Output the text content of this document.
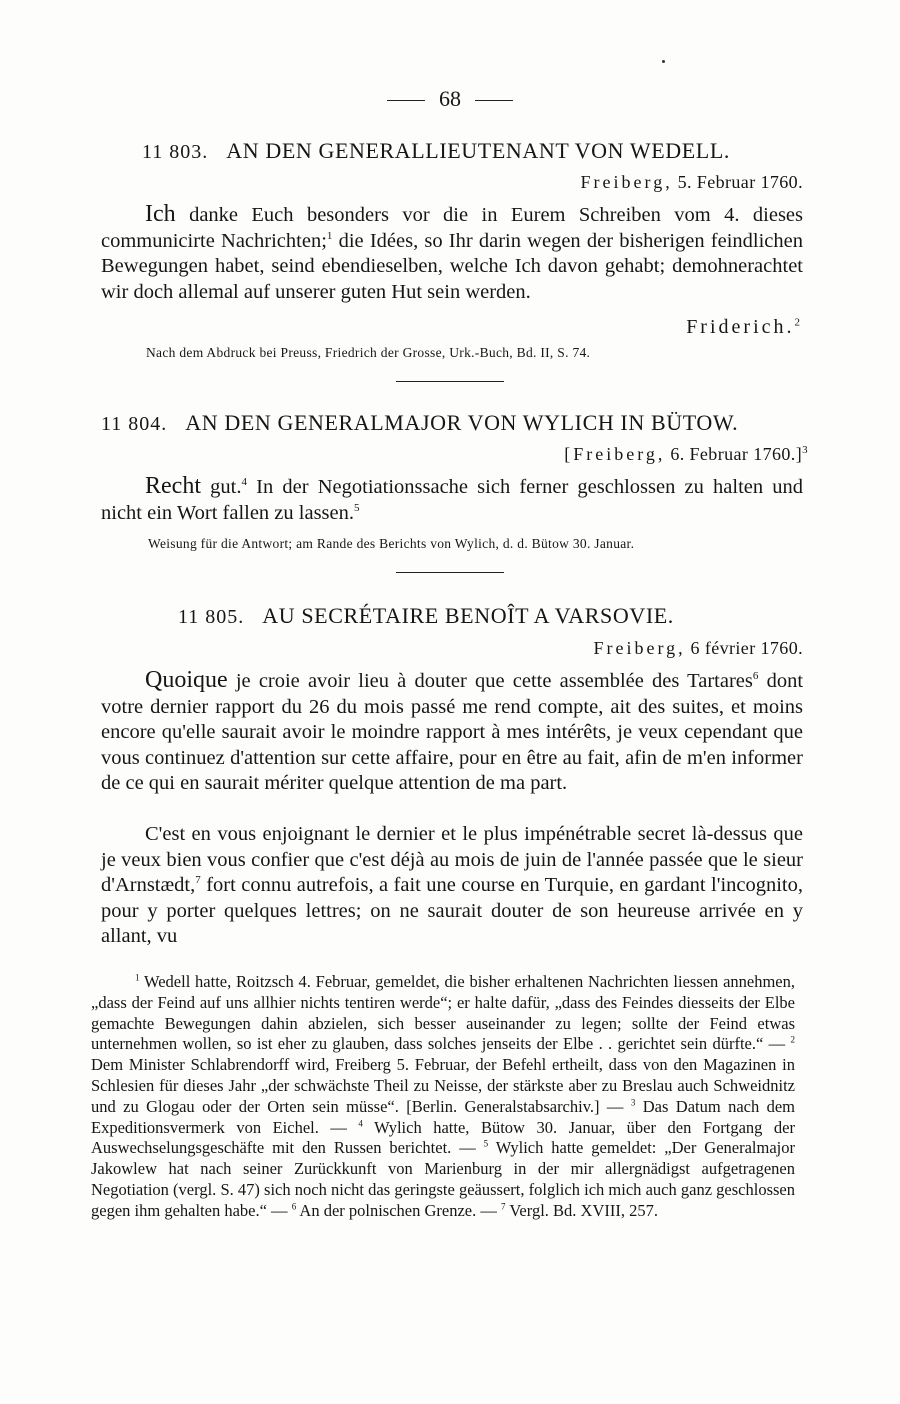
68
11 803. AN DEN GENERALLIEUTENANT VON WEDELL.
Freiberg, 5. Februar 1760.
Ich danke Euch besonders vor die in Eurem Schreiben vom 4. dieses communicirte Nachrichten;$^1$ die Idées, so Ihr darin wegen der bisherigen feindlichen Bewegungen habet, seind ebendieselben, welche Ich davon gehabt; demohnerachtet wir doch allemal auf unserer guten Hut sein werden.
Friderich.$^2$
Nach dem Abdruck bei Preuss, Friedrich der Grosse, Urk.-Buch, Bd. II, S. 74.
11 804. AN DEN GENERALMAJOR VON WYLICH IN BÜTOW.
[Freiberg, 6. Februar 1760.]$^3$
Recht gut.$^4$ In der Negotiationssache sich ferner geschlossen zu halten und nicht ein Wort fallen zu lassen.$^5$
Weisung für die Antwort; am Rande des Berichts von Wylich, d. d. Bütow 30. Januar.
11 805. AU SECRÉTAIRE BENOÎT A VARSOVIE.
Freiberg, 6 février 1760.
Quoique je croie avoir lieu à douter que cette assemblée des Tartares$^6$ dont votre dernier rapport du 26 du mois passé me rend compte, ait des suites, et moins encore qu'elle saurait avoir le moindre rapport à mes intérêts, je veux cependant que vous continuez d'attention sur cette affaire, pour en être au fait, afin de m'en informer de ce qui en saurait mériter quelque attention de ma part.
C'est en vous enjoignant le dernier et le plus impénétrable secret là-dessus que je veux bien vous confier que c'est déjà au mois de juin de l'année passée que le sieur d'Arnstædt,$^7$ fort connu autrefois, a fait une course en Turquie, en gardant l'incognito, pour y porter quelques lettres; on ne saurait douter de son heureuse arrivée en y allant, vu
$^1$ Wedell hatte, Roitzsch 4. Februar, gemeldet, die bisher erhaltenen Nachrichten liessen annehmen, „dass der Feind auf uns allhier nichts tentiren werde“; er halte dafür, „dass des Feindes diesseits der Elbe gemachte Bewegungen dahin abzielen, sich besser auseinander zu legen; sollte der Feind etwas unternehmen wollen, so ist eher zu glauben, dass solches jenseits der Elbe . . gerichtet sein dürfte.“ — $^2$ Dem Minister Schlabrendorff wird, Freiberg 5. Februar, der Befehl ertheilt, dass von den Magazinen in Schlesien für dieses Jahr „der schwächste Theil zu Neisse, der stärkste aber zu Breslau auch Schweidnitz und zu Glogau oder der Orten sein müsse“. [Berlin. Generalstabsarchiv.] — $^3$ Das Datum nach dem Expeditionsvermerk von Eichel. — $^4$ Wylich hatte, Bütow 30. Januar, über den Fortgang der Auswechselungsgeschäfte mit den Russen berichtet. — $^5$ Wylich hatte gemeldet: „Der Generalmajor Jakowlew hat nach seiner Zurückkunft von Marienburg in der mir allergnädigst aufgetragenen Negotiation (vergl. S. 47) sich noch nicht das geringste geäussert, folglich ich mich auch ganz geschlossen gegen ihm gehalten habe.“ — $^6$ An der polnischen Grenze. — $^7$ Vergl. Bd. XVIII, 257.
